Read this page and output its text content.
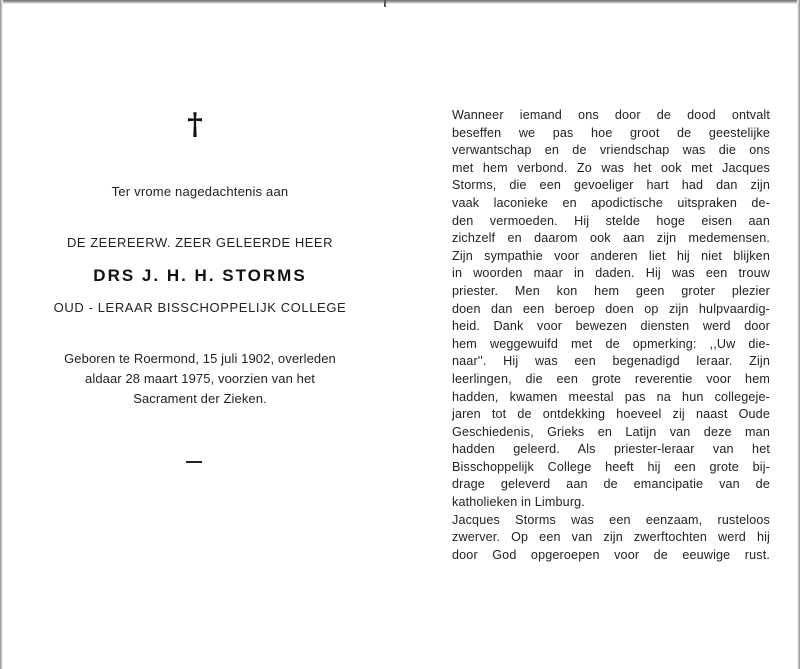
†
Ter vrome nagedachtenis aan
DE ZEEREERW. ZEER GELEERDE HEER
DRS J. H. H. STORMS
OUD - LERAAR BISSCHOPPELIJK COLLEGE
Geboren te Roermond, 15 juli 1902, overleden
aldaar 28 maart 1975, voorzien van het
Sacrament der Zieken.
Wanneer iemand ons door de dood ontvalt
beseffen we pas hoe groot de geestelijke
verwantschap en de vriendschap was die ons
met hem verbond. Zo was het ook met Jacques
Storms, die een gevoeliger hart had dan zijn
vaak laconieke en apodictische uitspraken de-
den vermoeden. Hij stelde hoge eisen aan
zichzelf en daarom ook aan zijn medemensen.
Zijn sympathie voor anderen liet hij niet blijken
in woorden maar in daden. Hij was een trouw
priester. Men kon hem geen groter plezier
doen dan een beroep doen op zijn hulpvaardig-
heid. Dank voor bewezen diensten werd door
hem weggewuifd met de opmerking: ,,Uw die-
naar''. Hij was een begenadigd leraar. Zijn
leerlingen, die een grote reverentie voor hem
hadden, kwamen meestal pas na hun collegeje-
jaren tot de ontdekking hoeveel zij naast Oude
Geschiedenis, Grieks en Latijn van deze man
hadden geleerd. Als priester-leraar van het
Bisschoppelijk College heeft hij een grote bij-
drage geleverd aan de emancipatie van de
katholieken in Limburg.
Jacques Storms was een eenzaam, rusteloos
zwerver. Op een van zijn zwerftochten werd hij
door God opgeroepen voor de eeuwige rust.
